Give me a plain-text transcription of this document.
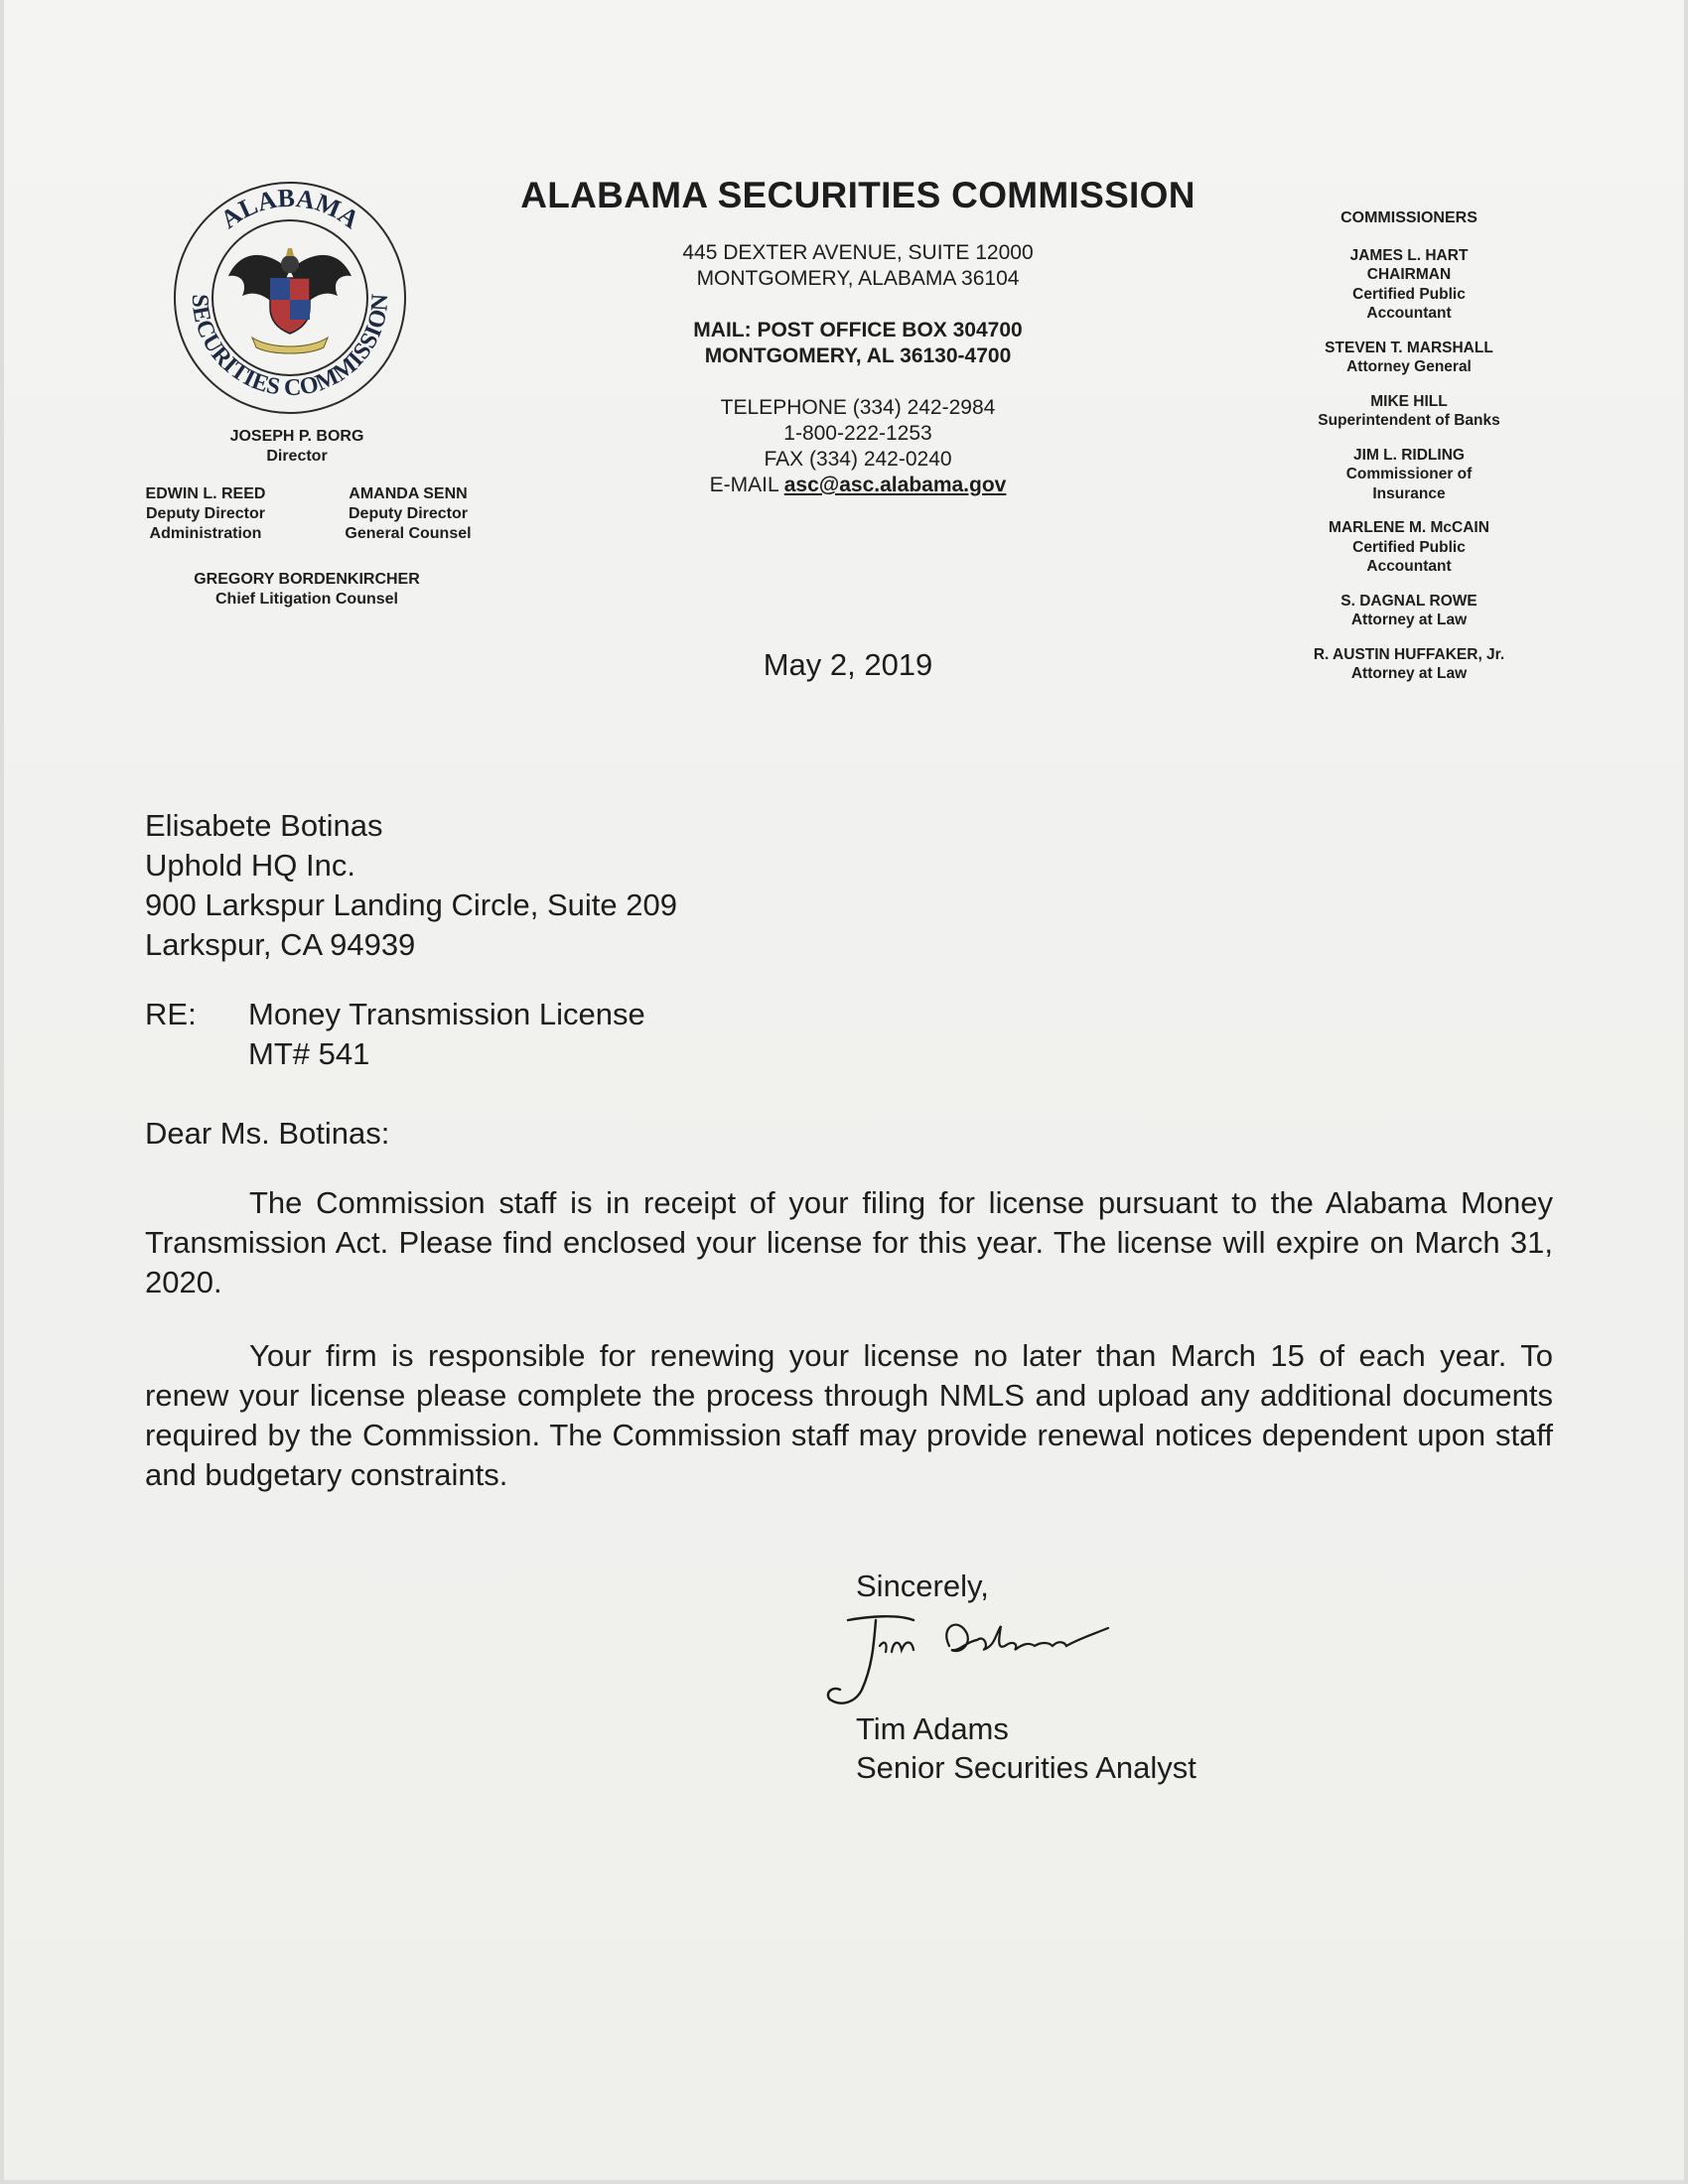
ALABAMA
SECURITIES COMMISSION
ALABAMA SECURITIES COMMISSION
445 DEXTER AVENUE, SUITE 12000
MONTGOMERY, ALABAMA 36104
MAIL: POST OFFICE BOX 304700
MONTGOMERY, AL 36130-4700
TELEPHONE (334) 242-2984
1-800-222-1253
FAX (334) 242-0240
E-MAIL asc@asc.alabama.gov
JOSEPH P. BORG
Director
EDWIN L. REED
Deputy Director
Administration
AMANDA SENN
Deputy Director
General Counsel
GREGORY BORDENKIRCHER
Chief Litigation Counsel
COMMISSIONERS
JAMES L. HART
CHAIRMAN
Certified Public
Accountant
STEVEN T. MARSHALL
Attorney General
MIKE HILL
Superintendent of Banks
JIM L. RIDLING
Commissioner of
Insurance
MARLENE M. McCAIN
Certified Public
Accountant
S. DAGNAL ROWE
Attorney at Law
R. AUSTIN HUFFAKER, Jr.
Attorney at Law
May 2, 2019
Elisabete Botinas
Uphold HQ Inc.
900 Larkspur Landing Circle, Suite 209
Larkspur, CA 94939
RE: Money Transmission License
MT# 541
Dear Ms. Botinas:
The Commission staff is in receipt of your filing for license pursuant to the Alabama Money Transmission Act. Please find enclosed your license for this year. The license will expire on March 31, 2020.
Your firm is responsible for renewing your license no later than March 15 of each year. To renew your license please complete the process through NMLS and upload any additional documents required by the Commission. The Commission staff may provide renewal notices dependent upon staff and budgetary constraints.
Sincerely,
Tim Adams
Senior Securities Analyst
